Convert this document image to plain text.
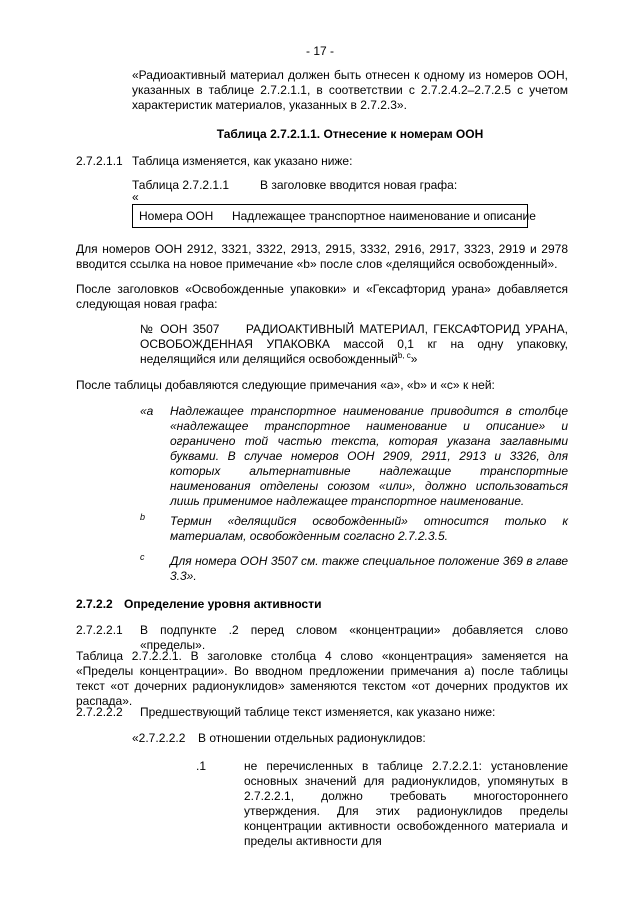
- 17 -
«Радиоактивный материал должен быть отнесен к одному из номеров ООН, указанных в таблице 2.7.2.1.1, в соответствии с 2.7.2.4.2–2.7.2.5 с учетом характеристик материалов, указанных в 2.7.2.3».
Таблица 2.7.2.1.1. Отнесение к номерам ООН
2.7.2.1.1 Таблица изменяется, как указано ниже:
Таблица 2.7.2.1.1	В заголовке вводится новая графа:
«
Номера ООН Надлежащее транспортное наименование и описание
Для номеров ООН 2912, 3321, 3322, 2913, 2915, 3332, 2916, 2917, 3323, 2919 и 2978 вводится ссылка на новое примечание «b» после слов «делящийся освобожденный».
После заголовков «Освобожденные упаковки» и «Гексафторид урана» добавляется следующая новая графа:
№ ООН 3507 РАДИОАКТИВНЫЙ МАТЕРИАЛ, ГЕКСАФТОРИД УРАНА, ОСВОБОЖДЕННАЯ УПАКОВКА массой 0,1 кг на одну упаковку, неделящийся или делящийся освобожденный$^{b, c}$»
После таблицы добавляются следующие примечания «a», «b» и «c» к ней:
«a Надлежащее транспортное наименование приводится в столбце «надлежащее транспортное наименование и описание» и ограничено той частью текста, которая указана заглавными буквами. В случае номеров ООН 2909, 2911, 2913 и 3326, для которых альтернативные надлежащие транспортные наименования отделены союзом «или», должно использоваться лишь применимое надлежащее транспортное наименование.
b Термин «делящийся освобожденный» относится только к материалам, освобожденным согласно 2.7.2.3.5.
c Для номера ООН 3507 см. также специальное положение 369 в главе 3.3».
2.7.2.2 Определение уровня активности
2.7.2.2.1 В подпункте .2 перед словом «концентрации» добавляется слово «пределы».
Таблица 2.7.2.2.1. В заголовке столбца 4 слово «концентрация» заменяется на «Пределы концентрации». Во вводном предложении примечания a) после таблицы текст «от дочерних радионуклидов» заменяются текстом «от дочерних продуктов их распада».
2.7.2.2.2 Предшествующий таблице текст изменяется, как указано ниже:
«2.7.2.2.2 В отношении отдельных радионуклидов:
.1	не перечисленных в таблице 2.7.2.2.1: установление основных значений для радионуклидов, упомянутых в 2.7.2.2.1, должно требовать многостороннего утверждения. Для этих радионуклидов пределы концентрации активности освобожденного материала и пределы активности для
